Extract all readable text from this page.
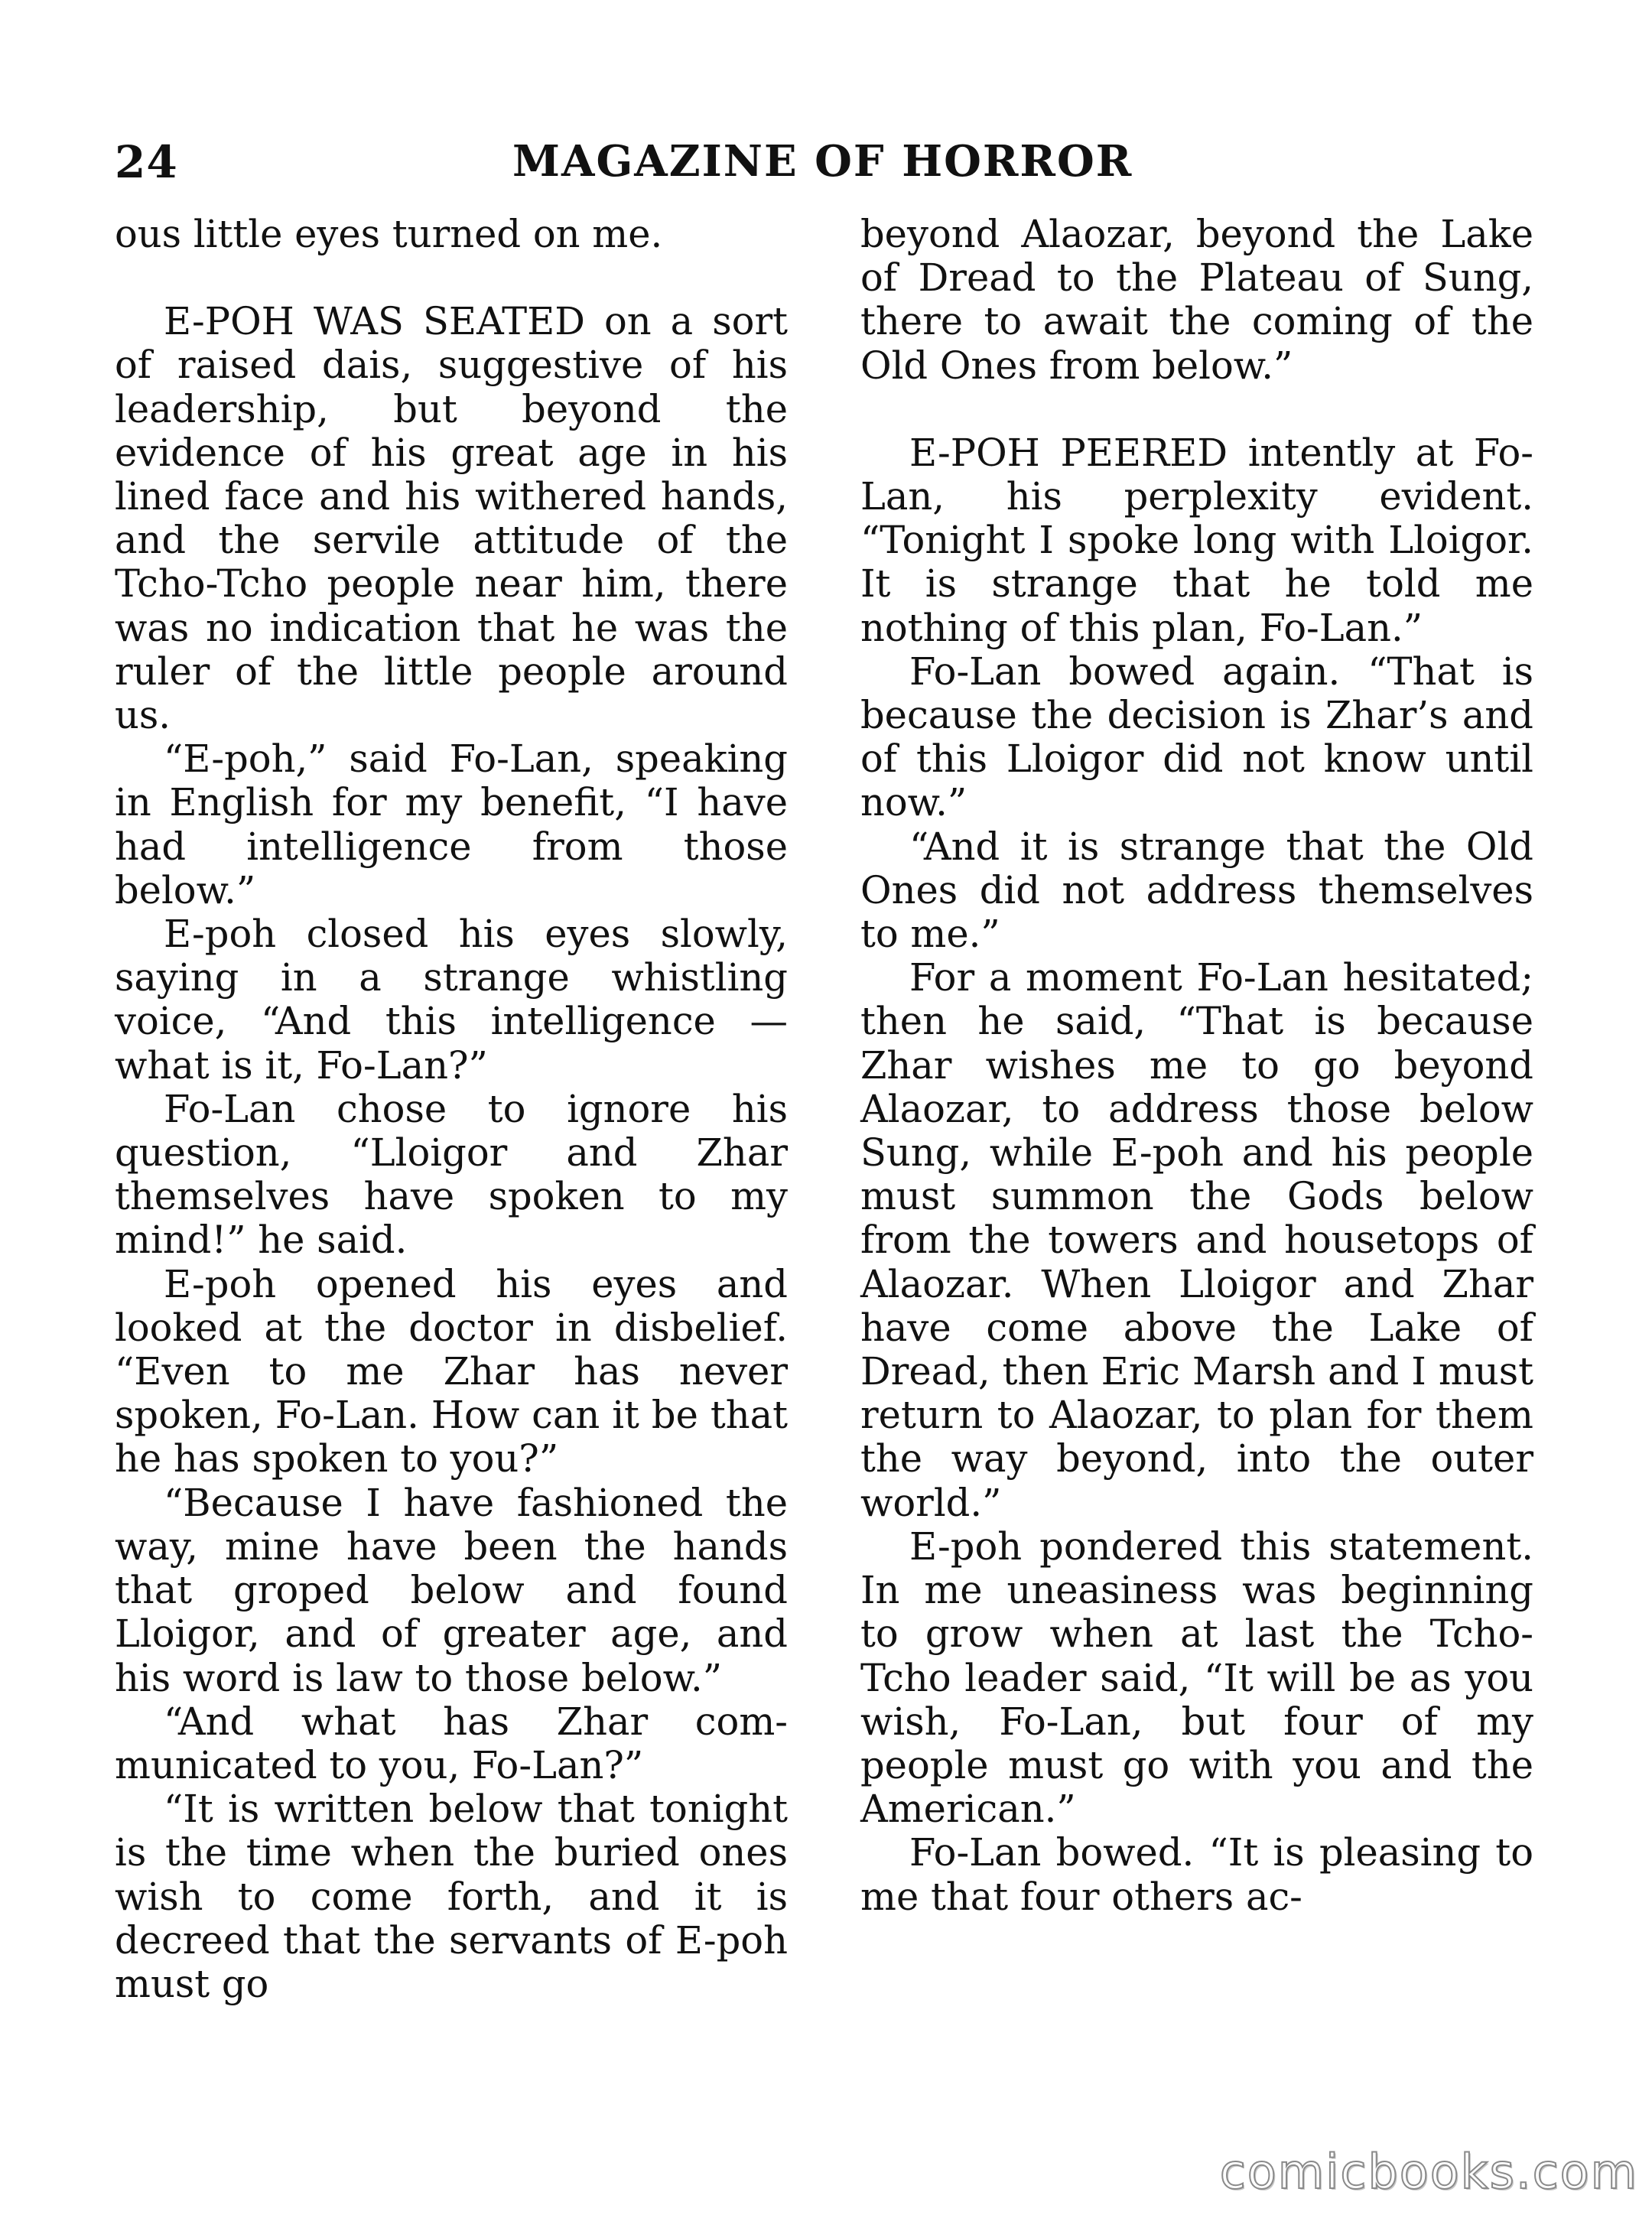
24	MAGAZINE OF HORROR

ous little eyes turned on me.

E-POH WAS SEATED on a sort of raised dais, suggestive of his leadership, but beyond the evidence of his great age in his lined face and his withered hands, and the servile attitude of the Tcho-Tcho people near him, there was no indication that he was the ruler of the little people around us.

“E-poh,” said Fo-Lan, speaking in English for my benefit, “I have had intelligence from those below.”

E-poh closed his eyes slowly, saying in a strange whistling voice, “And this intelligence — what is it, Fo-Lan?”

Fo-Lan chose to ignore his question, “Lloigor and Zhar themselves have spoken to my mind!” he said.

E-poh opened his eyes and looked at the doctor in disbelief. “Even to me Zhar has never spoken, Fo-Lan. How can it be that he has spoken to you?”

“Because I have fashioned the way, mine have been the hands that groped below and found Lloigor, and of greater age, and his word is law to those below.”

“And what has Zhar communicated to you, Fo-Lan?”

“It is written below that tonight is the time when the buried ones wish to come forth, and it is decreed that the servants of E-poh must go

beyond Alaozar, beyond the Lake of Dread to the Plateau of Sung, there to await the coming of the Old Ones from below.”

E-POH PEERED intently at Fo-Lan, his perplexity evident. “Tonight I spoke long with Lloigor. It is strange that he told me nothing of this plan, Fo-Lan.”

Fo-Lan bowed again. “That is because the decision is Zhar’s and of this Lloigor did not know until now.”

“And it is strange that the Old Ones did not address themselves to me.”

For a moment Fo-Lan hesitated; then he said, “That is because Zhar wishes me to go beyond Alaozar, to address those below Sung, while E-poh and his people must summon the Gods below from the towers and housetops of Alaozar. When Lloigor and Zhar have come above the Lake of Dread, then Eric Marsh and I must return to Alaozar, to plan for them the way beyond, into the outer world.”

E-poh pondered this statement. In me uneasiness was beginning to grow when at last the Tcho-Tcho leader said, “It will be as you wish, Fo-Lan, but four of my people must go with you and the American.”

Fo-Lan bowed. “It is pleasing to me that four others ac-

comicbooks.com
